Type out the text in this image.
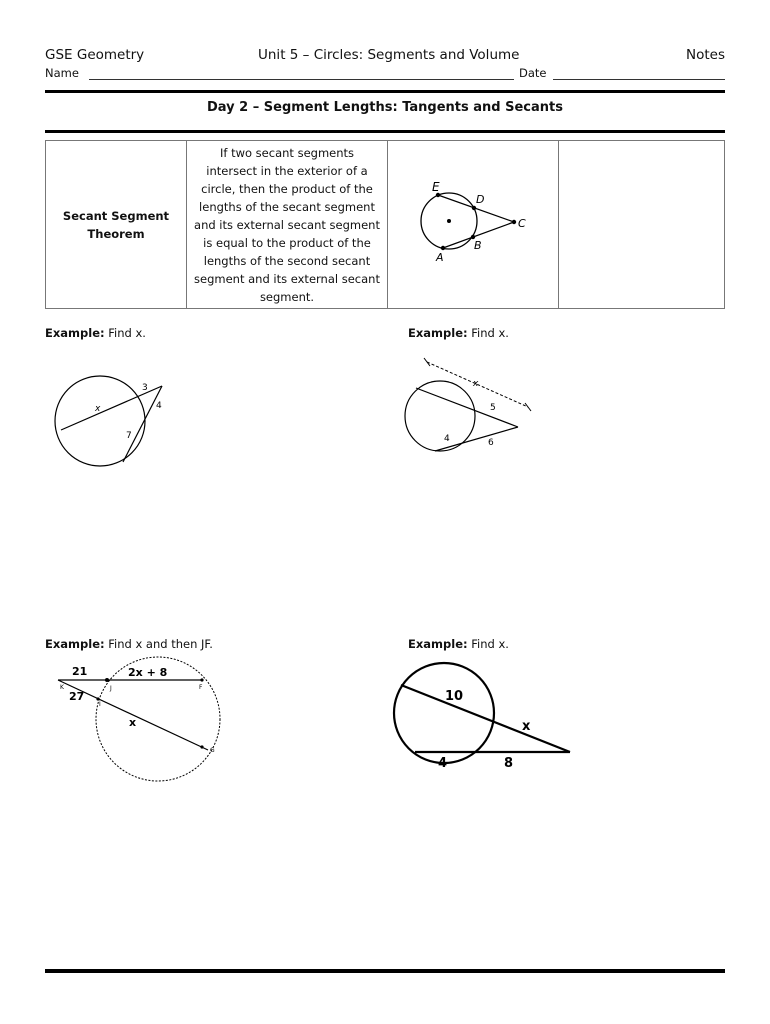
GSE Geometry	Unit 5 – Circles: Segments and Volume	Notes
Name	Date
Day 2 – Segment Lengths: Tangents and Secants
Secant Segment Theorem

If two secant segments intersect in the exterior of a circle, then the product of the lengths of the secant segment and its external secant segment is equal to the product of the lengths of the second secant segment and its external secant segment.

E
D
C
B
A

Example: Find x.
3
4
x
7
Example: Find x.
x
5
4	6
Example: Find x and then JF.
21	2x + 8
27
x
J	F
K
I
G
Example: Find x.
10
x
4	8
